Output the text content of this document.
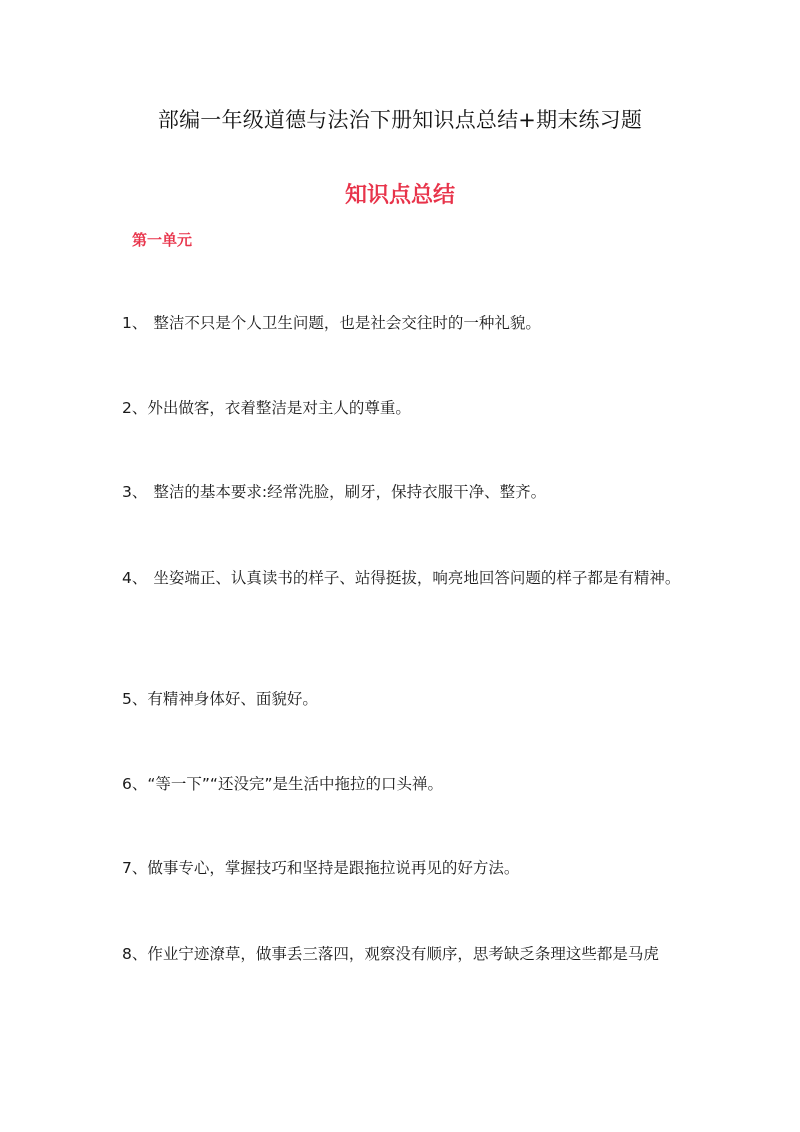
部编一年级道德与法治下册知识点总结+期末练习题
知识点总结
第一单元

1、 整洁不只是个人卫生问题，也是社会交往时的一种礼貌。

2、外出做客，衣着整洁是对主人的尊重。

3、 整洁的基本要求:经常洗脸，刷牙，保持衣服干净、整齐。

4、 坐姿端正、认真读书的样子、站得挺拔，响亮地回答问题的样子都是有精神。

5、有精神身体好、面貌好。

6、“等一下”“还没完”是生活中拖拉的口头禅。

7、做事专心，掌握技巧和坚持是跟拖拉说再见的好方法。

8、作业宁迹潦草，做事丢三落四，观察没有顺序，思考缺乏条理这些都是马虎
